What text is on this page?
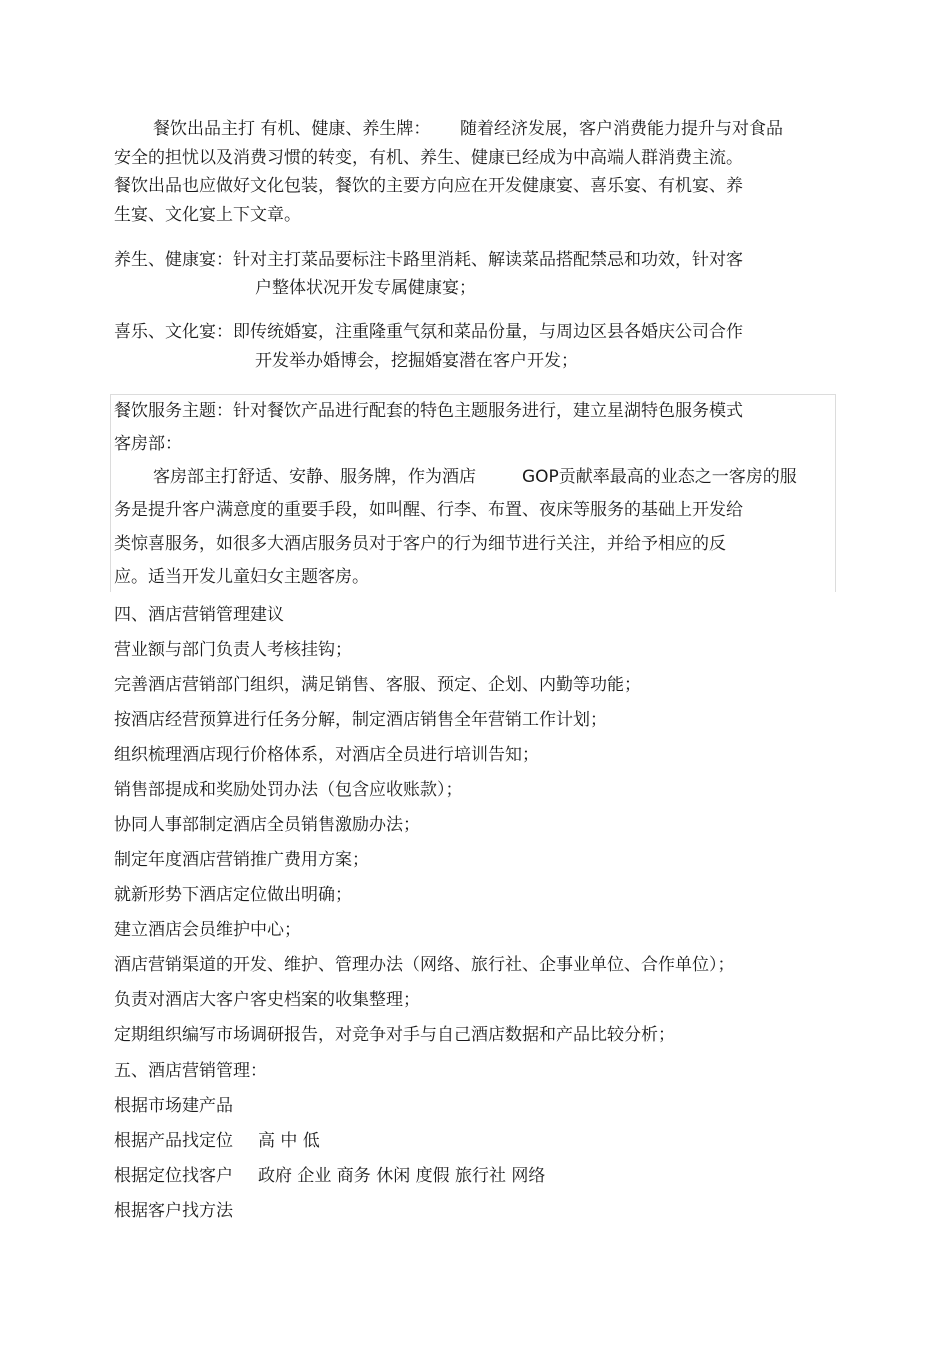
餐饮出品主打 有机、健康、养生牌： 随着经济发展，客户消费能力提升与对食品
安全的担忧以及消费习惯的转变，有机、养生、健康已经成为中高端人群消费主流。
餐饮出品也应做好文化包装，餐饮的主要方向应在开发健康宴、喜乐宴、有机宴、养
生宴、文化宴上下文章。
养生、健康宴：针对主打菜品要标注卡路里消耗、解读菜品搭配禁忌和功效，针对客
户整体状况开发专属健康宴；
喜乐、文化宴：即传统婚宴，注重隆重气氛和菜品份量，与周边区县各婚庆公司合作
开发举办婚博会，挖掘婚宴潜在客户开发；
餐饮服务主题：针对餐饮产品进行配套的特色主题服务进行，建立星湖特色服务模式
客房部：
客房部主打舒适、安静、服务牌，作为酒店	GOP贡献率最高的业态之一客房的服
务是提升客户满意度的重要手段，如叫醒、行李、布置、夜床等服务的基础上开发给
类惊喜服务，如很多大酒店服务员对于客户的行为细节进行关注，并给予相应的反
应。适当开发儿童妇女主题客房。
四、酒店营销管理建议
营业额与部门负责人考核挂钩；
完善酒店营销部门组织，满足销售、客服、预定、企划、内勤等功能；
按酒店经营预算进行任务分解，制定酒店销售全年营销工作计划；
组织梳理酒店现行价格体系，对酒店全员进行培训告知；
销售部提成和奖励处罚办法（包含应收账款）；
协同人事部制定酒店全员销售激励办法；
制定年度酒店营销推广费用方案；
就新形势下酒店定位做出明确；
建立酒店会员维护中心；
酒店营销渠道的开发、维护、管理办法（网络、旅行社、企事业单位、合作单位）；
负责对酒店大客户客史档案的收集整理；
定期组织编写市场调研报告，对竞争对手与自己酒店数据和产品比较分析；
五、酒店营销管理：
根据市场建产品
根据产品找定位 高 中 低
根据定位找客户 政府 企业 商务 休闲 度假 旅行社 网络
根据客户找方法
